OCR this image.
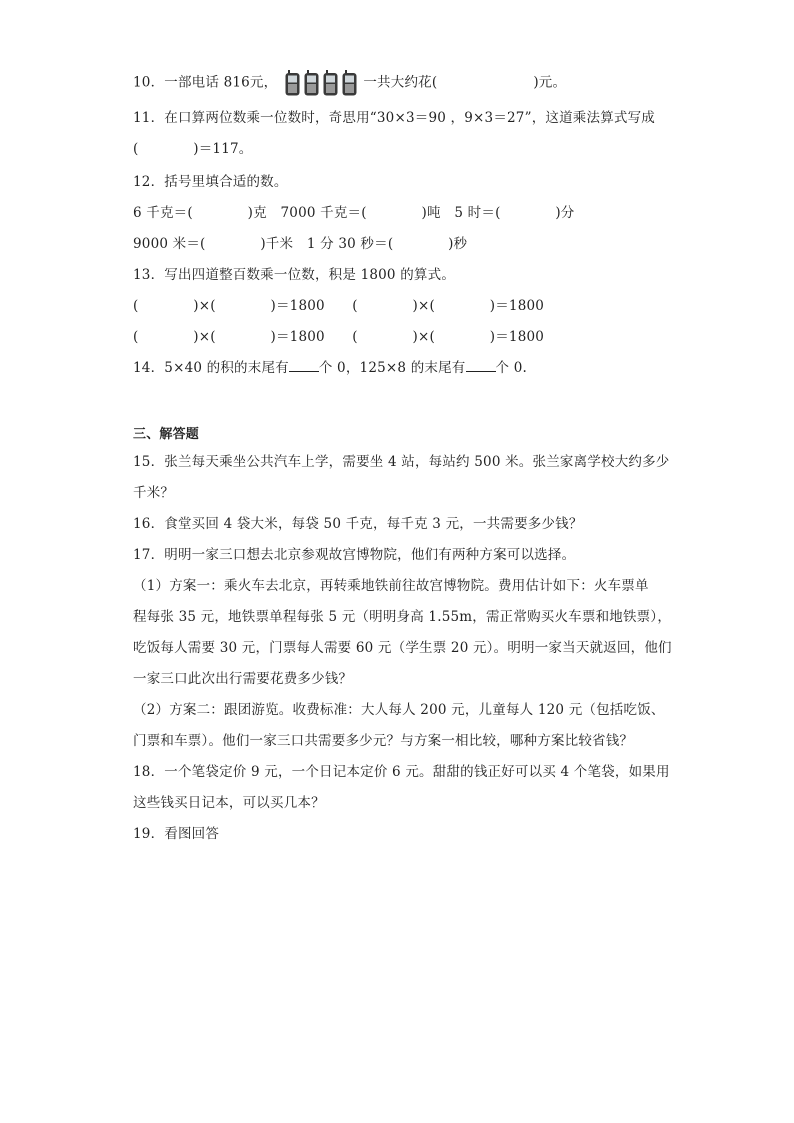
10．一部电话 816元，	一共大约花(	)元。
11．在口算两位数乘一位数时，奇思用“30×3＝90 ，9×3＝27”，这道乘法算式写成
(　　　　)＝117。
12．括号里填合适的数。
6 千克＝(　　　　)克　7000 千克＝(　　　　)吨　5 时＝(　　　　)分
9000 米＝(　　　　)千米　1 分 30 秒＝(　　　　)秒
13．写出四道整百数乘一位数，积是 1800 的算式。
(　　　　)×(　　　　)＝1800　　(　　　　)×(　　　　)＝1800
(　　　　)×(　　　　)＝1800　　(　　　　)×(　　　　)＝1800
14．5×40 的积的末尾有 个 0，125×8 的末尾有 个 0.
三、解答题
15．张兰每天乘坐公共汽车上学，需要坐 4 站，每站约 500 米。张兰家离学校大约多少
千米？
16．食堂买回 4 袋大米，每袋 50 千克，每千克 3 元，一共需要多少钱？
17．明明一家三口想去北京参观故宫博物院，他们有两种方案可以选择。
（1）方案一：乘火车去北京，再转乘地铁前往故宫博物院。费用估计如下：火车票单
程每张 35 元，地铁票单程每张 5 元（明明身高 1.55m，需正常购买火车票和地铁票），
吃饭每人需要 30 元，门票每人需要 60 元（学生票 20 元）。明明一家当天就返回，他们
一家三口此次出行需要花费多少钱？
（2）方案二：跟团游览。收费标准：大人每人 200 元，儿童每人 120 元（包括吃饭、
门票和车票）。他们一家三口共需要多少元？与方案一相比较，哪种方案比较省钱？
18．一个笔袋定价 9 元，一个日记本定价 6 元。甜甜的钱正好可以买 4 个笔袋，如果用
这些钱买日记本，可以买几本？
19．看图回答
